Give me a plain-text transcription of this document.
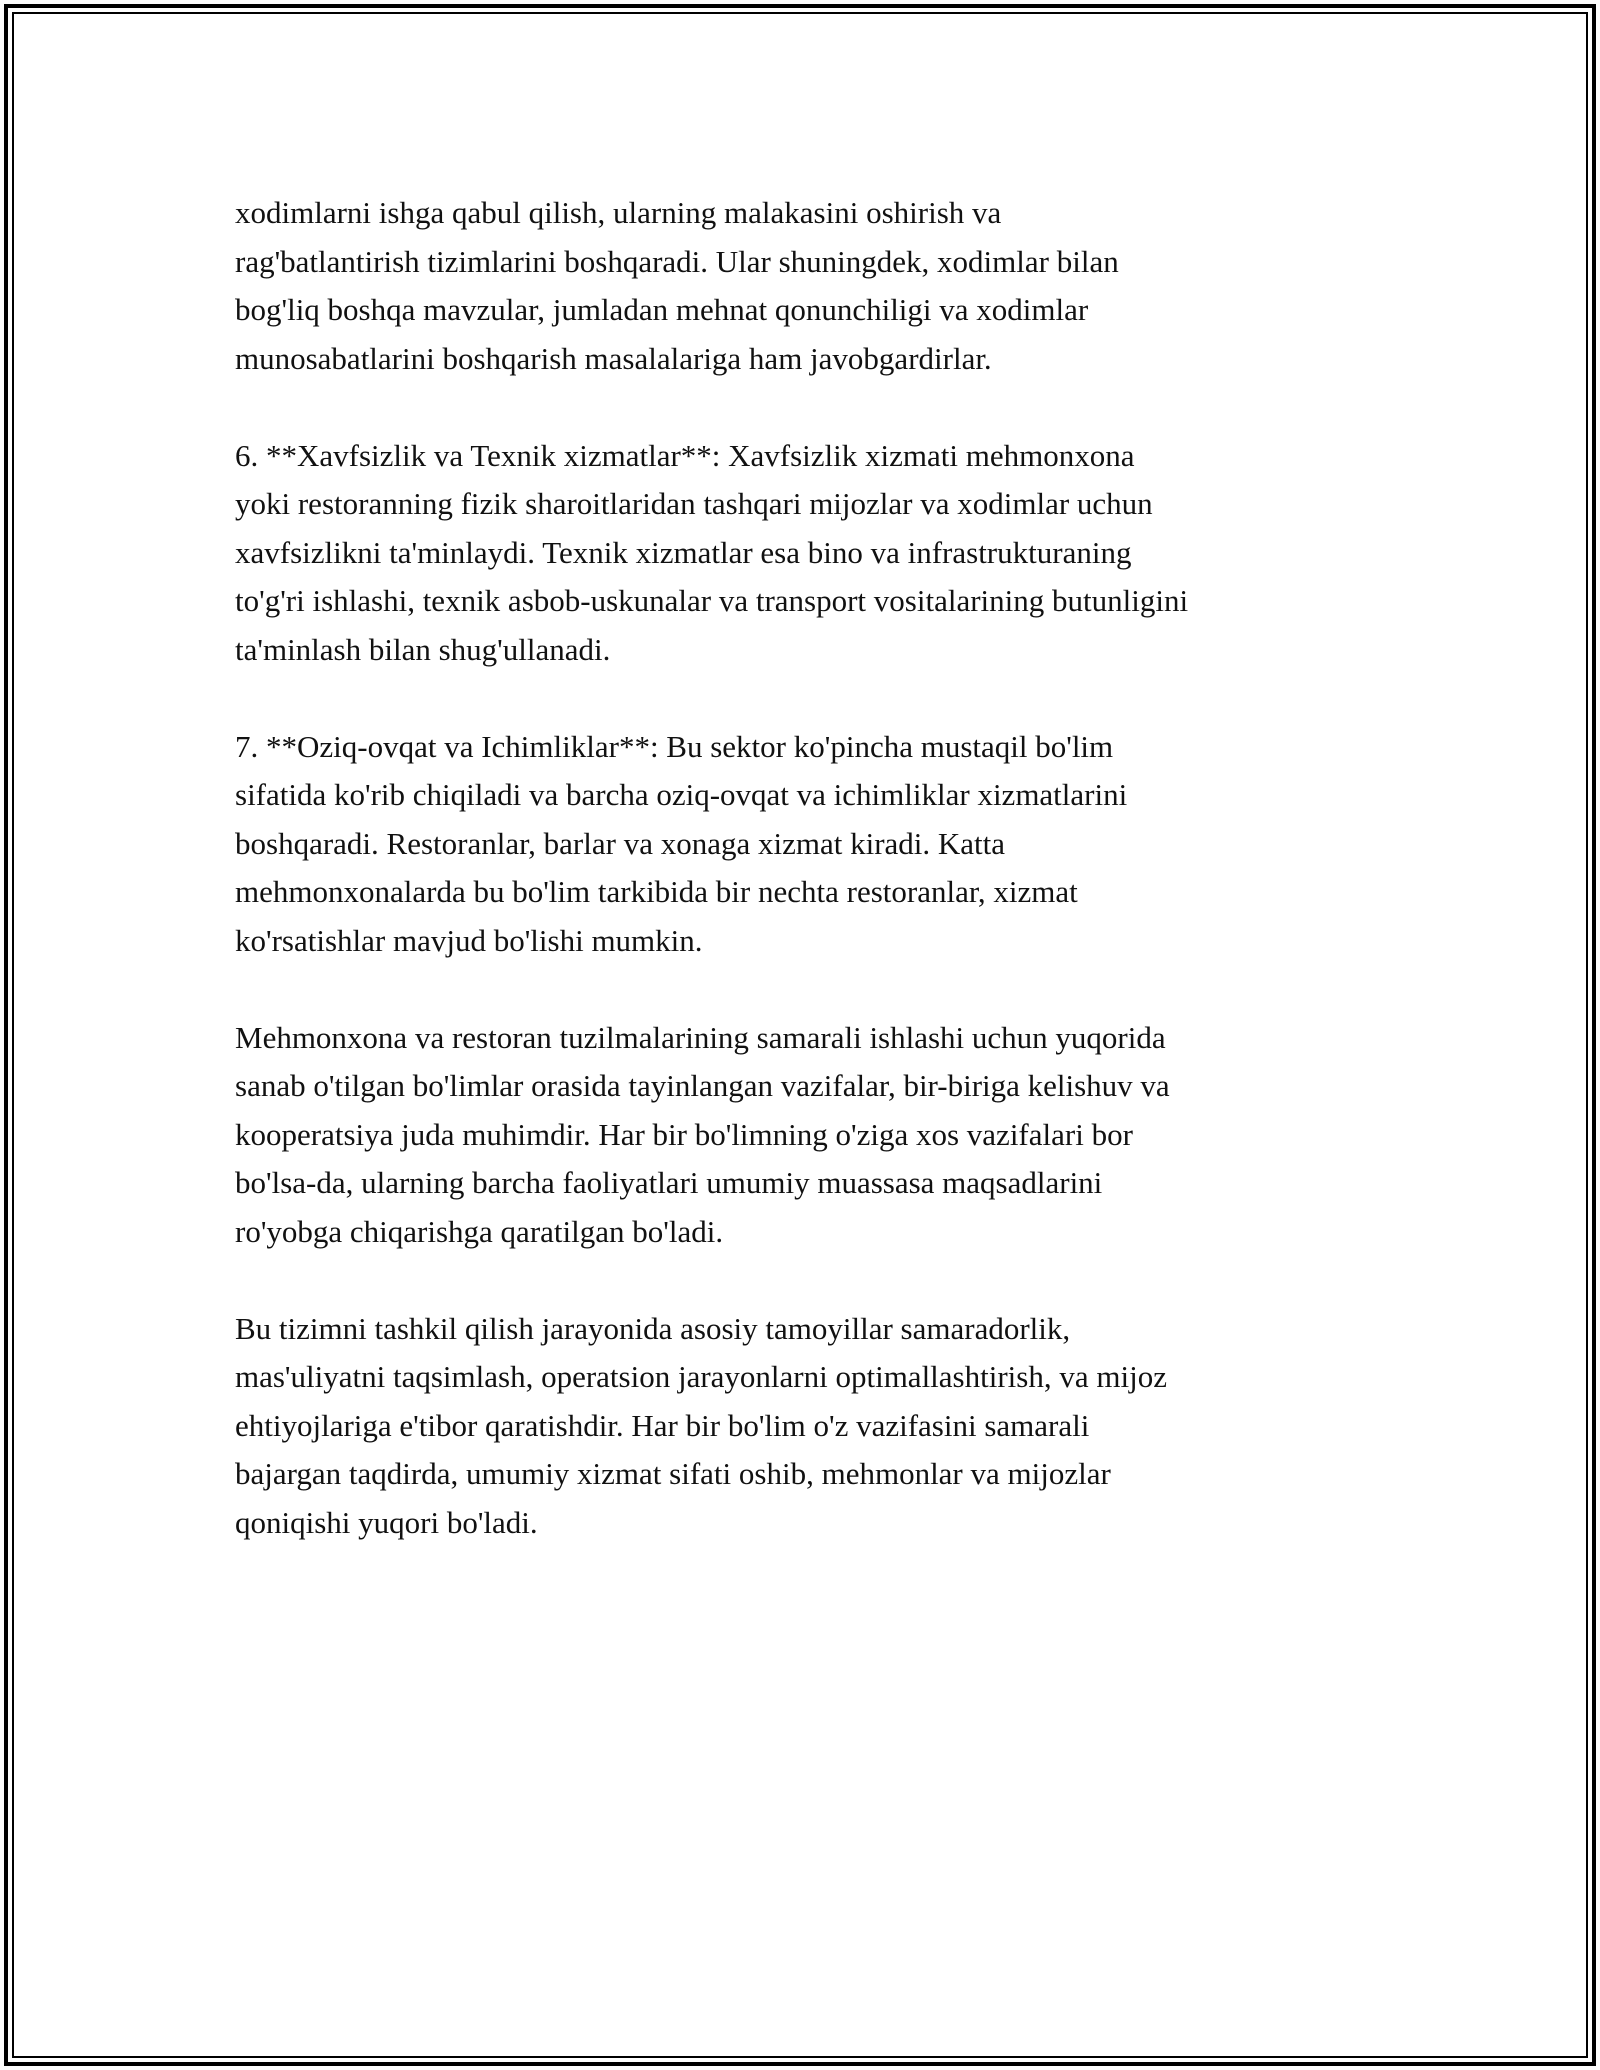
xodimlarni ishga qabul qilish, ularning malakasini oshirish va
rag'batlantirish tizimlarini boshqaradi. Ular shuningdek, xodimlar bilan
bog'liq boshqa mavzular, jumladan mehnat qonunchiligi va xodimlar
munosabatlarini boshqarish masalalariga ham javobgardirlar.

6. **Xavfsizlik va Texnik xizmatlar**: Xavfsizlik xizmati mehmonxona
yoki restoranning fizik sharoitlaridan tashqari mijozlar va xodimlar uchun
xavfsizlikni ta'minlaydi. Texnik xizmatlar esa bino va infrastrukturaning
to'g'ri ishlashi, texnik asbob-uskunalar va transport vositalarining butunligini
ta'minlash bilan shug'ullanadi.

7. **Oziq-ovqat va Ichimliklar**: Bu sektor ko'pincha mustaqil bo'lim
sifatida ko'rib chiqiladi va barcha oziq-ovqat va ichimliklar xizmatlarini
boshqaradi. Restoranlar, barlar va xonaga xizmat kiradi. Katta
mehmonxonalarda bu bo'lim tarkibida bir nechta restoranlar, xizmat
ko'rsatishlar mavjud bo'lishi mumkin.

Mehmonxona va restoran tuzilmalarining samarali ishlashi uchun yuqorida
sanab o'tilgan bo'limlar orasida tayinlangan vazifalar, bir-biriga kelishuv va
kooperatsiya juda muhimdir. Har bir bo'limning o'ziga xos vazifalari bor
bo'lsa-da, ularning barcha faoliyatlari umumiy muassasa maqsadlarini
ro'yobga chiqarishga qaratilgan bo'ladi.

Bu tizimni tashkil qilish jarayonida asosiy tamoyillar samaradorlik,
mas'uliyatni taqsimlash, operatsion jarayonlarni optimallashtirish, va mijoz
ehtiyojlariga e'tibor qaratishdir. Har bir bo'lim o'z vazifasini samarali
bajargan taqdirda, umumiy xizmat sifati oshib, mehmonlar va mijozlar
qoniqishi yuqori bo'ladi.
